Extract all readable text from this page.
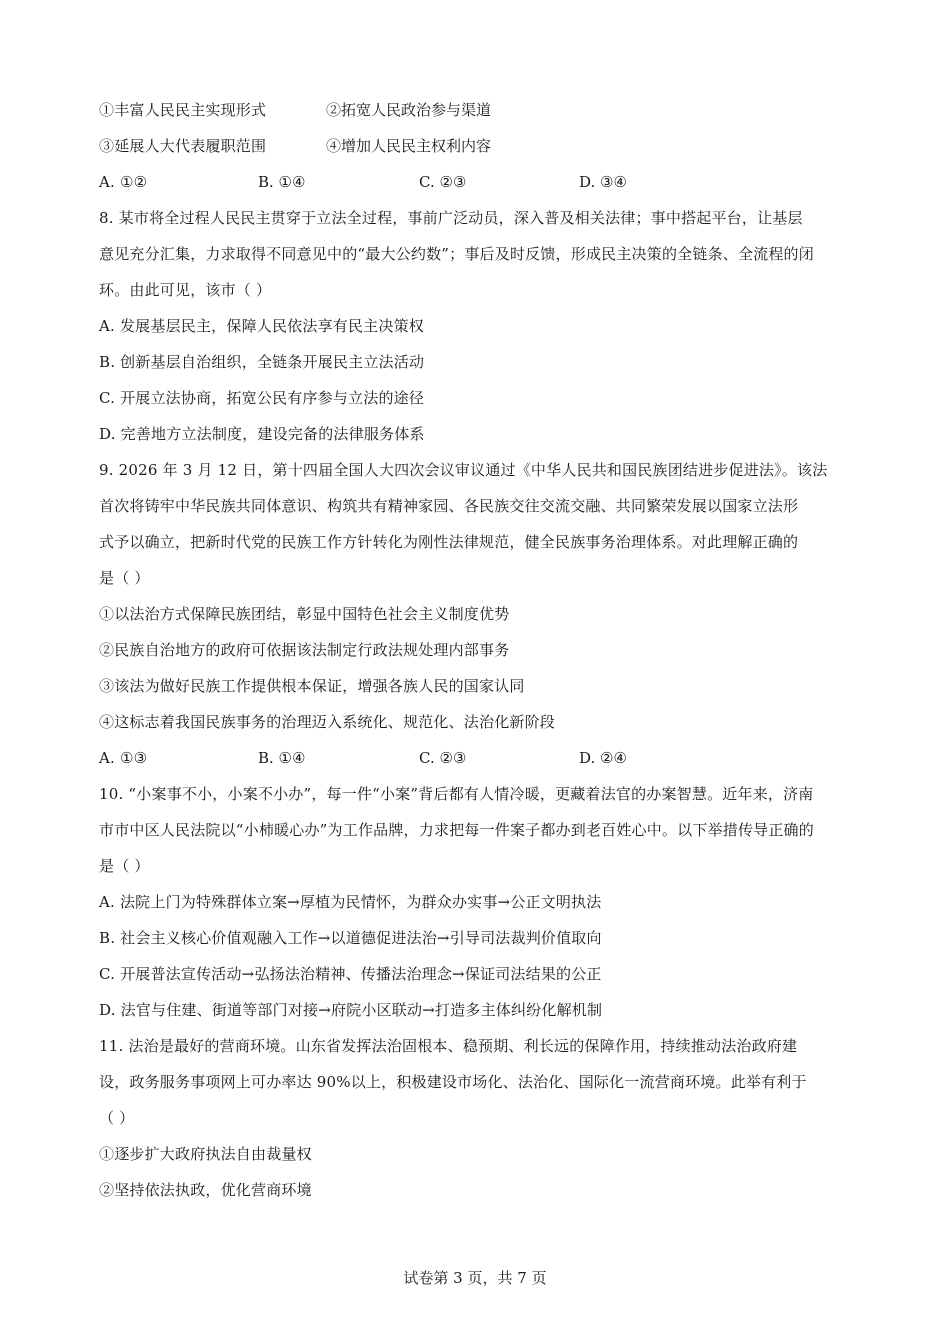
①丰富人民民主实现形式	②拓宽人民政治参与渠道
③延展人大代表履职范围	④增加人民民主权利内容
A. ①②	B. ①④	C. ②③	D. ③④
8. 某市将全过程人民民主贯穿于立法全过程，事前广泛动员，深入普及相关法律；事中搭起平台，让基层
意见充分汇集，力求取得不同意见中的“最大公约数”；事后及时反馈，形成民主决策的全链条、全流程的闭
环。由此可见，该市（ ）
A. 发展基层民主，保障人民依法享有民主决策权
B. 创新基层自治组织，全链条开展民主立法活动
C. 开展立法协商，拓宽公民有序参与立法的途径
D. 完善地方立法制度，建设完备的法律服务体系
9. 2026 年 3 月 12 日，第十四届全国人大四次会议审议通过《中华人民共和国民族团结进步促进法》。该法
首次将铸牢中华民族共同体意识、构筑共有精神家园、各民族交往交流交融、共同繁荣发展以国家立法形
式予以确立，把新时代党的民族工作方针转化为刚性法律规范，健全民族事务治理体系。对此理解正确的
是（ ）
①以法治方式保障民族团结，彰显中国特色社会主义制度优势
②民族自治地方的政府可依据该法制定行政法规处理内部事务
③该法为做好民族工作提供根本保证，增强各族人民的国家认同
④这标志着我国民族事务的治理迈入系统化、规范化、法治化新阶段
A. ①③	B. ①④	C. ②③	D. ②④
10. “小案事不小，小案不小办”，每一件“小案”背后都有人情冷暖，更藏着法官的办案智慧。近年来，济南
市市中区人民法院以“小柿暖心办”为工作品牌，力求把每一件案子都办到老百姓心中。以下举措传导正确的
是（ ）
A. 法院上门为特殊群体立案→厚植为民情怀，为群众办实事→公正文明执法
B. 社会主义核心价值观融入工作→以道德促进法治→引导司法裁判价值取向
C. 开展普法宣传活动→弘扬法治精神、传播法治理念→保证司法结果的公正
D. 法官与住建、街道等部门对接→府院小区联动→打造多主体纠纷化解机制
11. 法治是最好的营商环境。山东省发挥法治固根本、稳预期、利长远的保障作用，持续推动法治政府建
设，政务服务事项网上可办率达 90%以上，积极建设市场化、法治化、国际化一流营商环境。此举有利于
（ ）
①逐步扩大政府执法自由裁量权
②坚持依法执政，优化营商环境
试卷第 3 页，共 7 页
